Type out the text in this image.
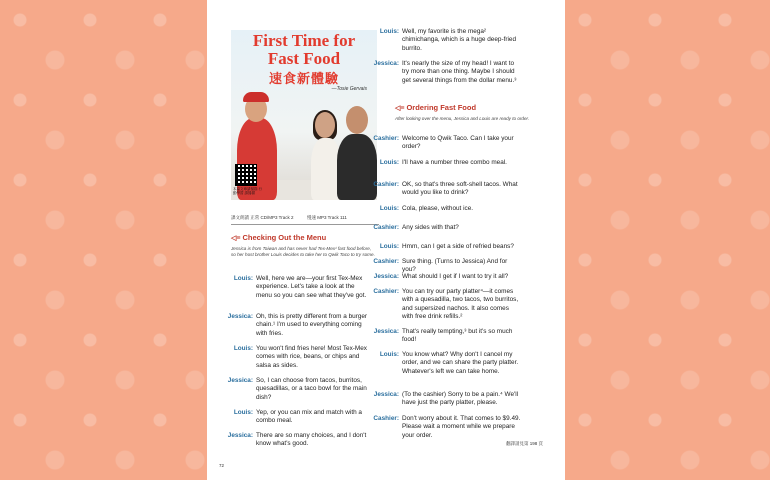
First Time for
Fast Food
速食新體驗
—Tosie Gervais
本篇文章請掃描 行動學習 請掃描
課文朗讀 正常 CD/MP3 Track 2	慢速 MP3 Track 111
◁≡ Checking Out the Menu
Jessica is from Taiwan and has never had Tex-Mex¹ fast food before, so her host brother Louis decides to take her to Qwik Taco to try some.
Louis: Well, here we are—your first Tex-Mex experience. Let's take a look at the menu so you can see what they've got.
Jessica: Oh, this is pretty different from a burger chain.¹ I'm used to everything coming with fries.
Louis: You won't find fries here! Most Tex-Mex comes with rice, beans, or chips and salsa as sides.
Jessica: So, I can choose from tacos, burritos, quesadillas, or a taco bowl for the main dish?
Louis: Yep, or you can mix and match with a combo meal.
Jessica: There are so many choices, and I don't know what's good.
Louis: Well, my favorite is the mega² chimichanga, which is a huge deep-fried burrito.
Jessica: It's nearly the size of my head! I want to try more than one thing. Maybe I should get several things from the dollar menu.³
◁≡ Ordering Fast Food
After looking over the menu, Jessica and Louis are ready to order.
Cashier: Welcome to Qwik Taco. Can I take your order?
Louis: I'll have a number three combo meal.
Cashier: OK, so that's three soft-shell tacos. What would you like to drink?
Louis: Cola, please, without ice.
Cashier: Any sides with that?
Louis: Hmm, can I get a side of refried beans?
Cashier: Sure thing. (Turns to Jessica) And for you?
Jessica: What should I get if I want to try it all?
Cashier: You can try our party platter⁴—it comes with a quesadilla, two tacos, two burritos, and supersized nachos. It also comes with free drink refills.²
Jessica: That's really tempting,³ but it's so much food!
Louis: You know what? Why don't I cancel my order, and we can share the party platter. Whatever's left we can take home.
Jessica: (To the cashier) Sorry to be a pain.⁴ We'll have just the party platter, please.
Cashier: Don't worry about it. That comes to $9.49. Please wait a moment while we prepare your order.
72
翻譯請見第 198 頁
